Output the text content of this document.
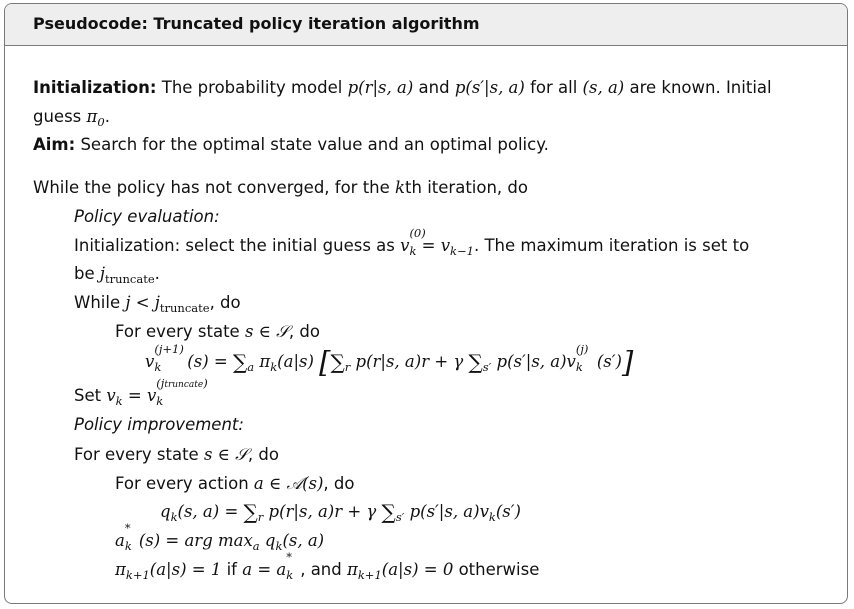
Pseudocode: Truncated policy iteration algorithm
Initialization: The probability model p(r|s, a) and p(s′|s, a) for all (s, a) are known. Initial
guess $\pi_0$.
Aim: Search for the optimal state value and an optimal policy.
While the policy has not converged, for the kth iteration, do
Policy evaluation:
Initialization: select the initial guess as v
(0)
$k = v_{k-1}$. The maximum iteration is set to
be $j_{truncate}$.
While $j < j_{truncate}$, do
For every state s ∈ 𝒮, do
v
(j+1)
k $(s) = \sum_a$ $\pi_k(a|s)$ [$\sum_r$ p(r|s, a)r + γ $\sum_{s'}$ p(s′|s, a)v
(j)
k (s′)]
Set $v_k = v$
(jtruncate)
k
Policy improvement:
For every state s ∈ 𝒮, do
For every action a ∈ 𝒜(s), do
$q_k(s$, $a) = \sum_r$ p(r|s, a)r + γ $\sum_{s'}$ p(s′|s, $a)v_k(s')$
a
*
k (s) = arg $\max_a q_k(s$, a)
$\pi_{k+1}(a|s) = 1$ if a = a
*
k , and $\pi_{k+1}(a|s) = 0$ otherwise
